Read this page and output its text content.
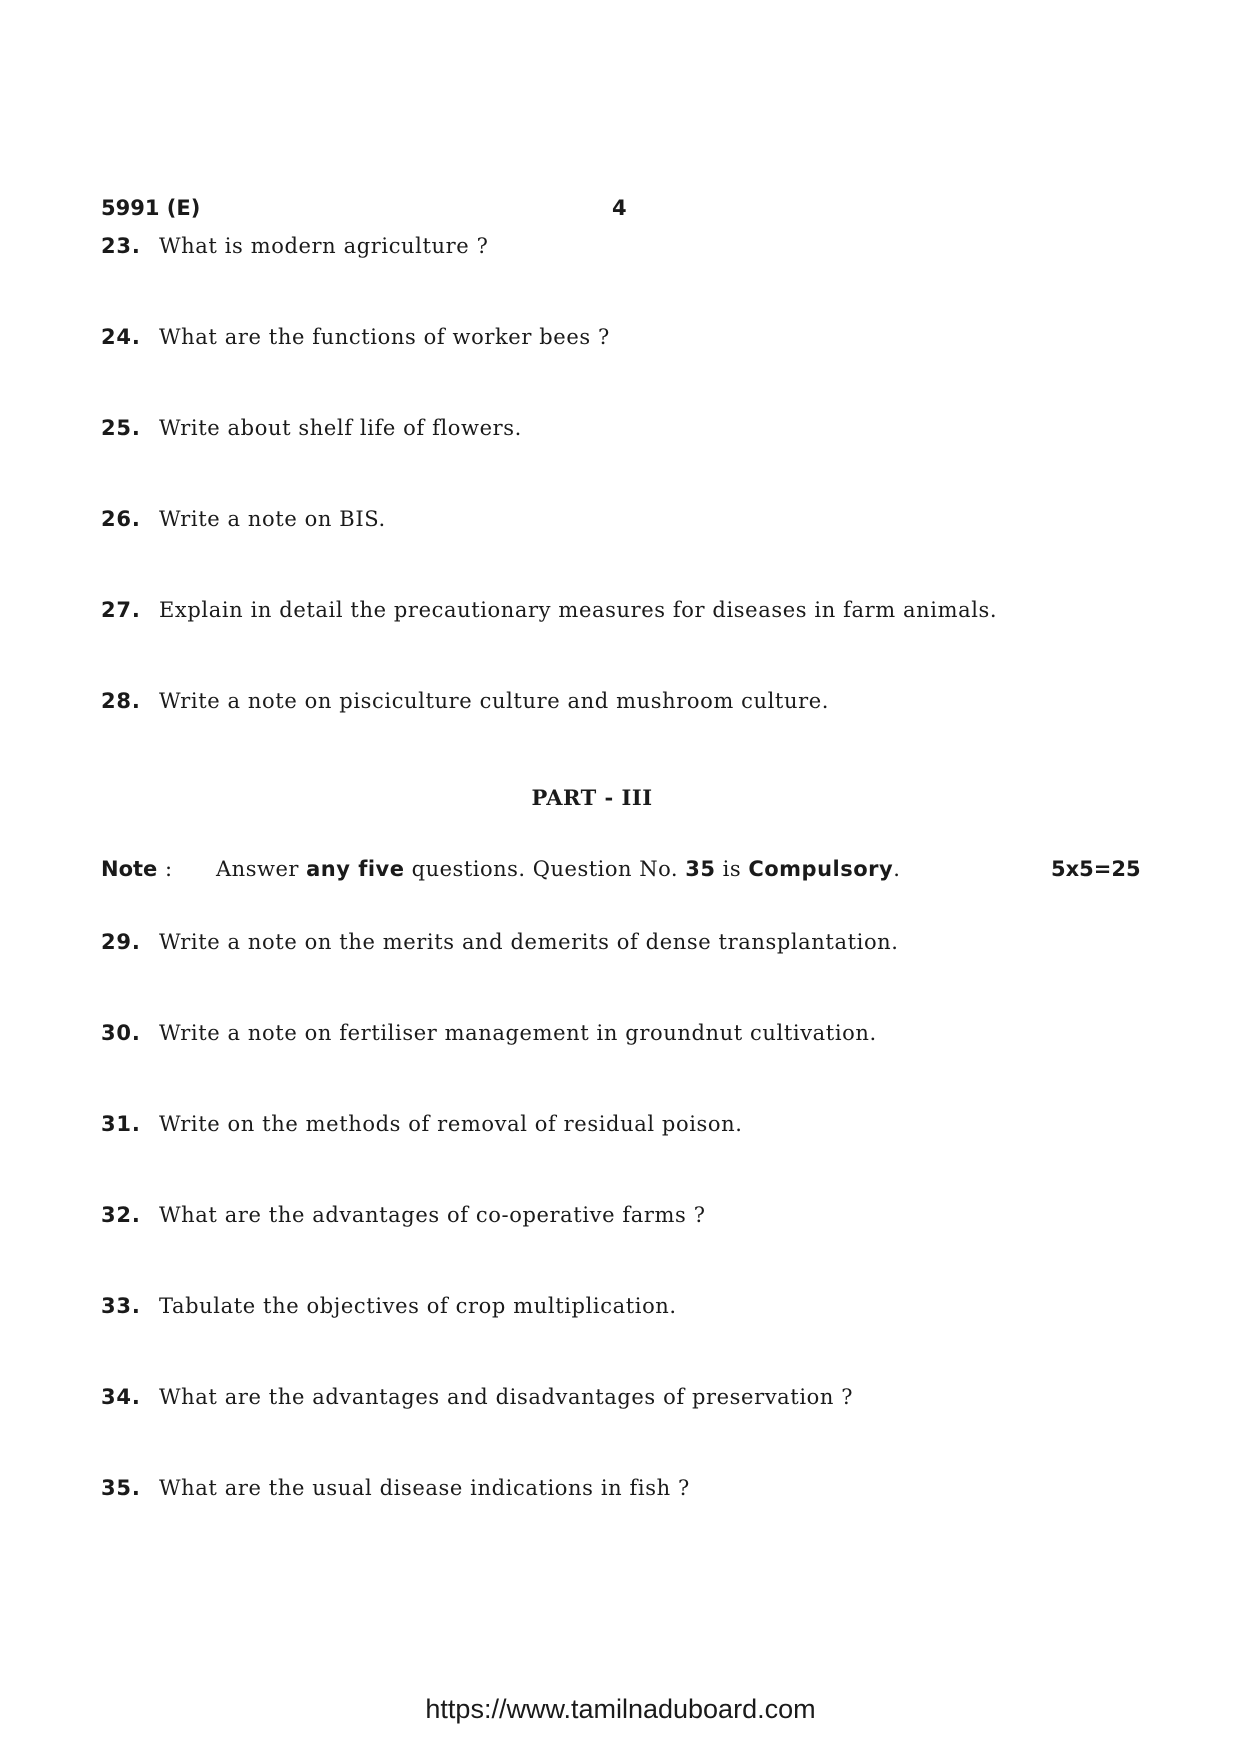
5991 (E)	4
23. What is modern agriculture ?
24. What are the functions of worker bees ?
25. Write about shelf life of flowers.
26. Write a note on BIS.
27. Explain in detail the precautionary measures for diseases in farm animals.
28. Write a note on pisciculture culture and mushroom culture.
PART - III
Note : Answer any five questions. Question No. 35 is Compulsory.	5x5=25
29. Write a note on the merits and demerits of dense transplantation.
30. Write a note on fertiliser management in groundnut cultivation.
31. Write on the methods of removal of residual poison.
32. What are the advantages of co-operative farms ?
33. Tabulate the objectives of crop multiplication.
34. What are the advantages and disadvantages of preservation ?
35. What are the usual disease indications in fish ?
https://www.tamilnaduboard.com
